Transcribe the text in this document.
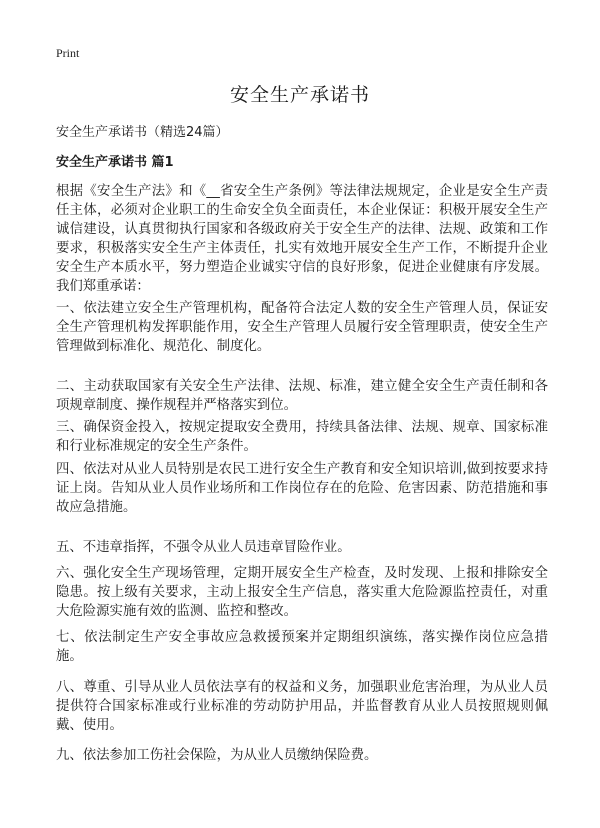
Print
安全生产承诺书
安全生产承诺书（精选24篇）
安全生产承诺书 篇1

根据《安全生产法》和《__省安全生产条例》等法律法规规定，企业是安全生产责任主体，必须对企业职工的生命安全负全面责任，本企业保证：积极开展安全生产诚信建设，认真贯彻执行国家和各级政府关于安全生产的法律、法规、政策和工作要求，积极落实安全生产主体责任，扎实有效地开展安全生产工作，不断提升企业安全生产本质水平，努力塑造企业诚实守信的良好形象，促进企业健康有序发展。我们郑重承诺：

一、依法建立安全生产管理机构，配备符合法定人数的安全生产管理人员，保证安全生产管理机构发挥职能作用，安全生产管理人员履行安全管理职责，使安全生产管理做到标准化、规范化、制度化。

二、主动获取国家有关安全生产法律、法规、标准，建立健全安全生产责任制和各项规章制度、操作规程并严格落实到位。

三、确保资金投入，按规定提取安全费用，持续具备法律、法规、规章、国家标准和行业标准规定的安全生产条件。

四、依法对从业人员特别是农民工进行安全生产教育和安全知识培训,做到按要求持证上岗。告知从业人员作业场所和工作岗位存在的危险、危害因素、防范措施和事故应急措施。

五、不违章指挥，不强令从业人员违章冒险作业。

六、强化安全生产现场管理，定期开展安全生产检查，及时发现、上报和排除安全隐患。按上级有关要求，主动上报安全生产信息，落实重大危险源监控责任，对重大危险源实施有效的监测、监控和整改。

七、依法制定生产安全事故应急救援预案并定期组织演练，落实操作岗位应急措施。

八、尊重、引导从业人员依法享有的权益和义务，加强职业危害治理，为从业人员提供符合国家标准或行业标准的劳动防护用品，并监督教育从业人员按照规则佩戴、使用。

九、依法参加工伤社会保险，为从业人员缴纳保险费。
